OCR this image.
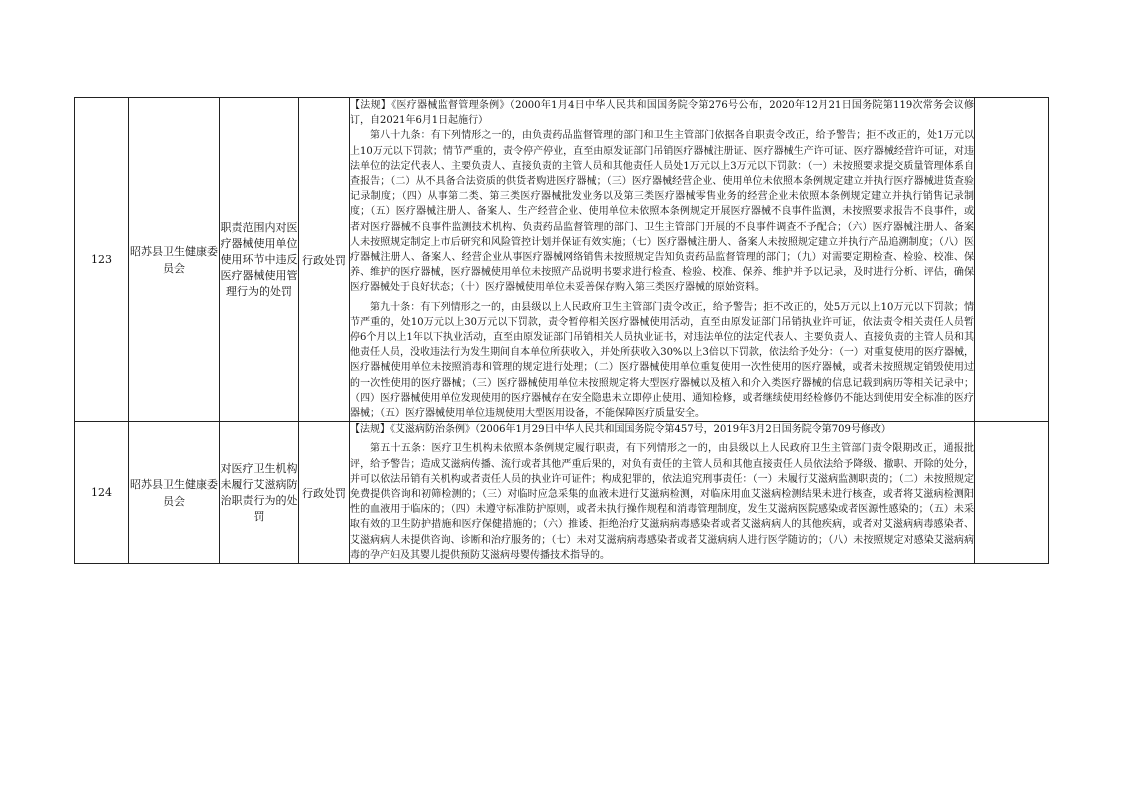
123	昭苏县卫生健康委员会	职责范围内对医疗器械使用单位使用环节中违反医疗器械使用管理行为的处罚	行政处罚	【法规】《医疗器械监督管理条例》（2000年1月4日中华人民共和国国务院令第276号公布，2020年12月21日国务院第119次常务会议修订，自2021年6月1日起施行）

第八十九条：有下列情形之一的，由负责药品监督管理的部门和卫生主管部门依据各自职责令改正，给予警告；拒不改正的，处1万元以上10万元以下罚款；情节严重的，责令停产停业，直至由原发证部门吊销医疗器械注册证、医疗器械生产许可证、医疗器械经营许可证，对违法单位的法定代表人、主要负责人、直接负责的主管人员和其他责任人员处1万元以上3万元以下罚款：（一）未按照要求提交质量管理体系自查报告；（二）从不具备合法资质的供货者购进医疗器械；（三）医疗器械经营企业、使用单位未依照本条例规定建立并执行医疗器械进货查验记录制度；（四）从事第二类、第三类医疗器械批发业务以及第三类医疗器械零售业务的经营企业未依照本条例规定建立并执行销售记录制度；（五）医疗器械注册人、备案人、生产经营企业、使用单位未依照本条例规定开展医疗器械不良事件监测，未按照要求报告不良事件，或者对医疗器械不良事件监测技术机构、负责药品监督管理的部门、卫生主管部门开展的不良事件调查不予配合；（六）医疗器械注册人、备案人未按照规定制定上市后研究和风险管控计划并保证有效实施；（七）医疗器械注册人、备案人未按照规定建立并执行产品追溯制度；（八）医疗器械注册人、备案人、经营企业从事医疗器械网络销售未按照规定告知负责药品监督管理的部门；（九）对需要定期检查、检验、校准、保养、维护的医疗器械，医疗器械使用单位未按照产品说明书要求进行检查、检验、校准、保养、维护并予以记录，及时进行分析、评估，确保医疗器械处于良好状态；（十）医疗器械使用单位未妥善保存购入第三类医疗器械的原始资料。

第九十条：有下列情形之一的，由县级以上人民政府卫生主管部门责令改正，给予警告；拒不改正的，处5万元以上10万元以下罚款；情节严重的，处10万元以上30万元以下罚款，责令暂停相关医疗器械使用活动，直至由原发证部门吊销执业许可证，依法责令相关责任人员暂停6个月以上1年以下执业活动，直至由原发证部门吊销相关人员执业证书，对违法单位的法定代表人、主要负责人、直接负责的主管人员和其他责任人员，没收违法行为发生期间自本单位所获收入，并处所获收入30%以上3倍以下罚款，依法给予处分：（一）对重复使用的医疗器械，医疗器械使用单位未按照消毒和管理的规定进行处理；（二）医疗器械使用单位重复使用一次性使用的医疗器械，或者未按照规定销毁使用过的一次性使用的医疗器械；（三）医疗器械使用单位未按照规定将大型医疗器械以及植入和介入类医疗器械的信息记载到病历等相关记录中；（四）医疗器械使用单位发现使用的医疗器械存在安全隐患未立即停止使用、通知检修，或者继续使用经检修仍不能达到使用安全标准的医疗器械；（五）医疗器械使用单位违规使用大型医用设备，不能保障医疗质量安全。	

124	昭苏县卫生健康委员会	对医疗卫生机构未履行艾滋病防治职责行为的处罚	行政处罚	【法规】《艾滋病防治条例》（2006年1月29日中华人民共和国国务院令第457号，2019年3月2日国务院令第709号修改）

第五十五条：医疗卫生机构未依照本条例规定履行职责，有下列情形之一的，由县级以上人民政府卫生主管部门责令限期改正，通报批评，给予警告；造成艾滋病传播、流行或者其他严重后果的，对负有责任的主管人员和其他直接责任人员依法给予降级、撤职、开除的处分，并可以依法吊销有关机构或者责任人员的执业许可证件；构成犯罪的，依法追究刑事责任：（一）未履行艾滋病监测职责的；（二）未按照规定免费提供咨询和初筛检测的；（三）对临时应急采集的血液未进行艾滋病检测，对临床用血艾滋病检测结果未进行核查，或者将艾滋病检测阳性的血液用于临床的；（四）未遵守标准防护原则，或者未执行操作规程和消毒管理制度，发生艾滋病医院感染或者医源性感染的；（五）未采取有效的卫生防护措施和医疗保健措施的；（六）推诿、拒绝治疗艾滋病病毒感染者或者艾滋病病人的其他疾病，或者对艾滋病病毒感染者、艾滋病病人未提供咨询、诊断和治疗服务的；（七）未对艾滋病病毒感染者或者艾滋病病人进行医学随访的；（八）未按照规定对感染艾滋病病毒的孕产妇及其婴儿提供预防艾滋病母婴传播技术指导的。	
